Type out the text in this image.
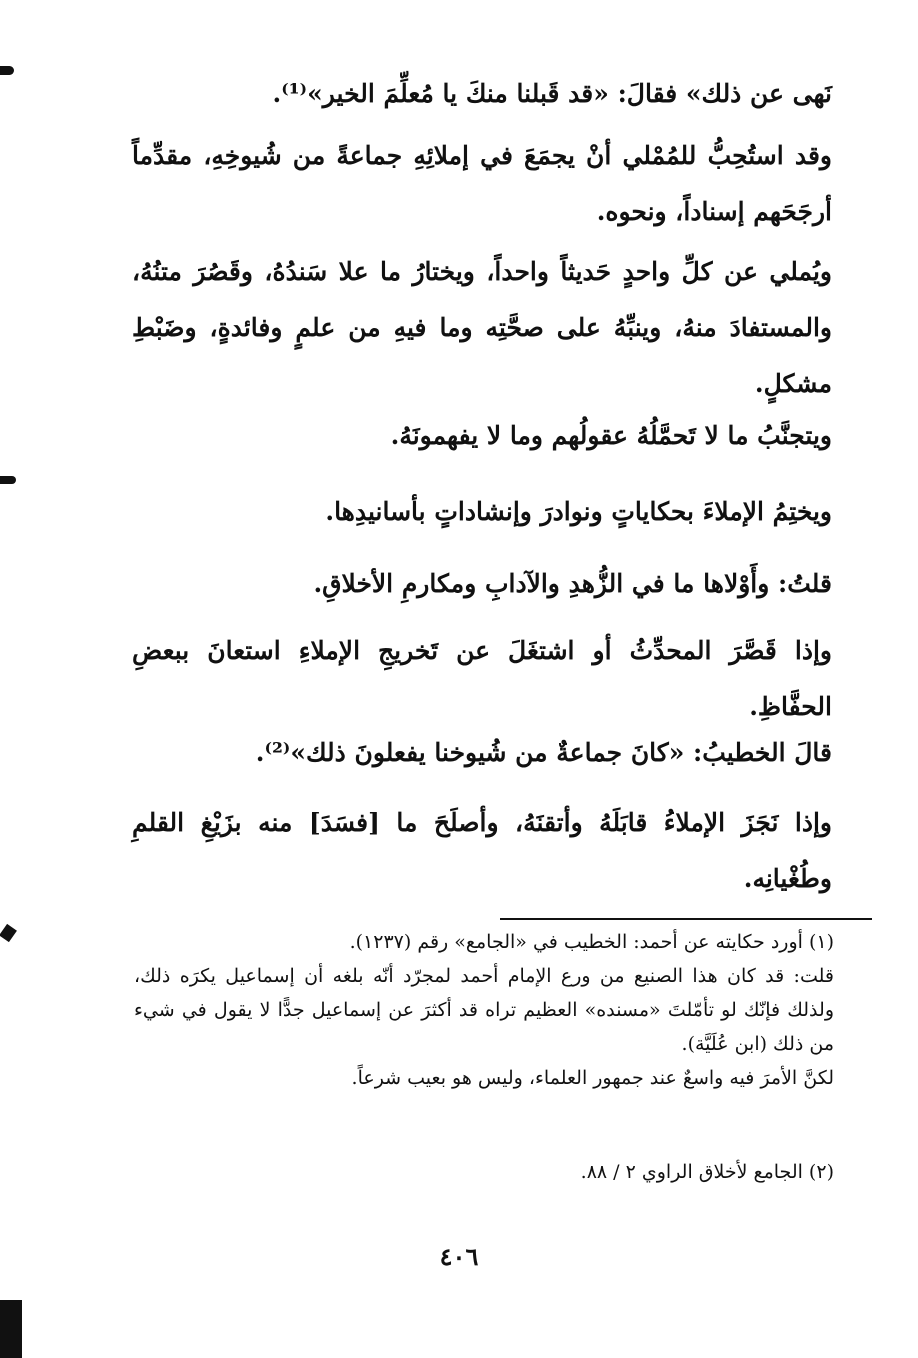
نَهى عن ذلك» فقالَ: «قد قَبلنا منكَ يا مُعلِّمَ الخير»⁽¹⁾.

وقد استُحِبُّ للمُمْلي أنْ يجمَعَ في إملائِهِ جماعةً من شُيوخِهِ، مقدِّماً أرجَحَهم إسناداً، ونحوه.

ويُملي عن كلِّ واحدٍ حَديثاً واحداً، ويختارُ ما علا سَندُهُ، وقَصُرَ متنُهُ، والمستفادَ منهُ، وينبِّهُ على صحَّتِه وما فيهِ من علمٍ وفائدةٍ، وضَبْطِ مشكلٍ.

ويتجنَّبُ ما لا تَحمَّلُهُ عقولُهم وما لا يفهمونَهُ.

ويختِمُ الإملاءَ بحكاياتٍ ونوادرَ وإنشاداتٍ بأسانيدِها.

قلتُ: وأَوْلاها ما في الزُّهدِ والآدابِ ومكارمِ الأخلاقِ.

وإذا قَصَّرَ المحدِّثُ أو اشتغَلَ عن تَخريجِ الإملاءِ استعانَ ببعضِ الحفَّاظِ.

قالَ الخطيبُ: «كانَ جماعةٌ من شُيوخنا يفعلونَ ذلك»⁽²⁾.

وإذا نَجَزَ الإملاءُ قابَلَهُ وأتقنَهُ، وأصلَحَ ما [فسَدَ] منه بزَيْغِ القلمِ وطُغْيانِه.

(١) أورد حكايته عن أحمد: الخطيب في «الجامع» رقم (١٢٣٧).

قلت: قد كان هذا الصنيع من ورع الإمام أحمد لمجرّد أنّه بلغه أن إسماعيل يكرَه ذلك، ولذلك فإنّك لو تأمّلتَ «مسنده» العظيم تراه قد أكثرَ عن إسماعيل جدًّا لا يقول في شيء من ذلك (ابن عُلَيَّة).

لكنَّ الأمرَ فيه واسعٌ عند جمهور العلماء، وليس هو بعيب شرعاً.

(٢) الجامع لأخلاق الراوي ٢ / ٨٨.

٤٠٦
